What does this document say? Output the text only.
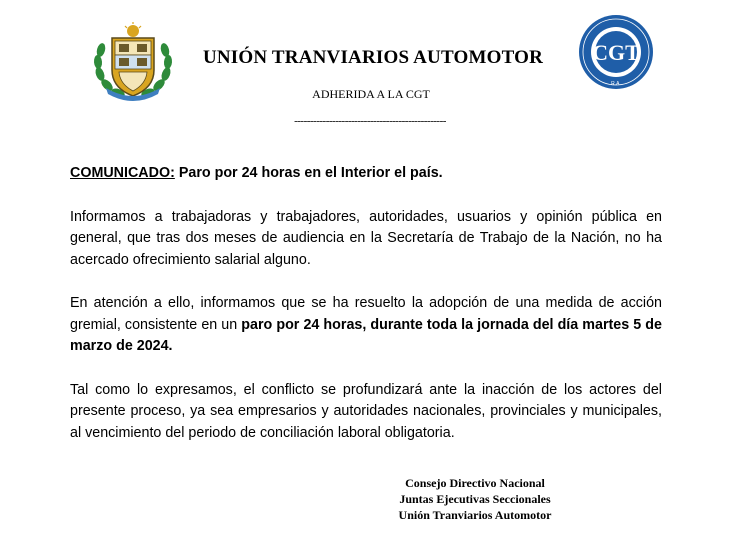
CGT
R.A.
UNIÓN TRANVIARIOS AUTOMOTOR
ADHERIDA A LA CGT
------------------------------------------------

COMUNICADO: Paro por 24 horas en el Interior el país.

Informamos a trabajadoras y trabajadores, autoridades, usuarios y opinión pública en general, que tras dos meses de audiencia en la Secretaría de Trabajo de la Nación, no ha acercado ofrecimiento salarial alguno.

En atención a ello, informamos que se ha resuelto la adopción de una medida de acción gremial, consistente en un paro por 24 horas, durante toda la jornada del día martes 5 de marzo de 2024.

Tal como lo expresamos, el conflicto se profundizará ante la inacción de los actores del presente proceso, ya sea empresarios y autoridades nacionales, provinciales y municipales, al vencimiento del periodo de conciliación laboral obligatoria.

Consejo Directivo Nacional
Juntas Ejecutivas Seccionales
Unión Tranviarios Automotor
